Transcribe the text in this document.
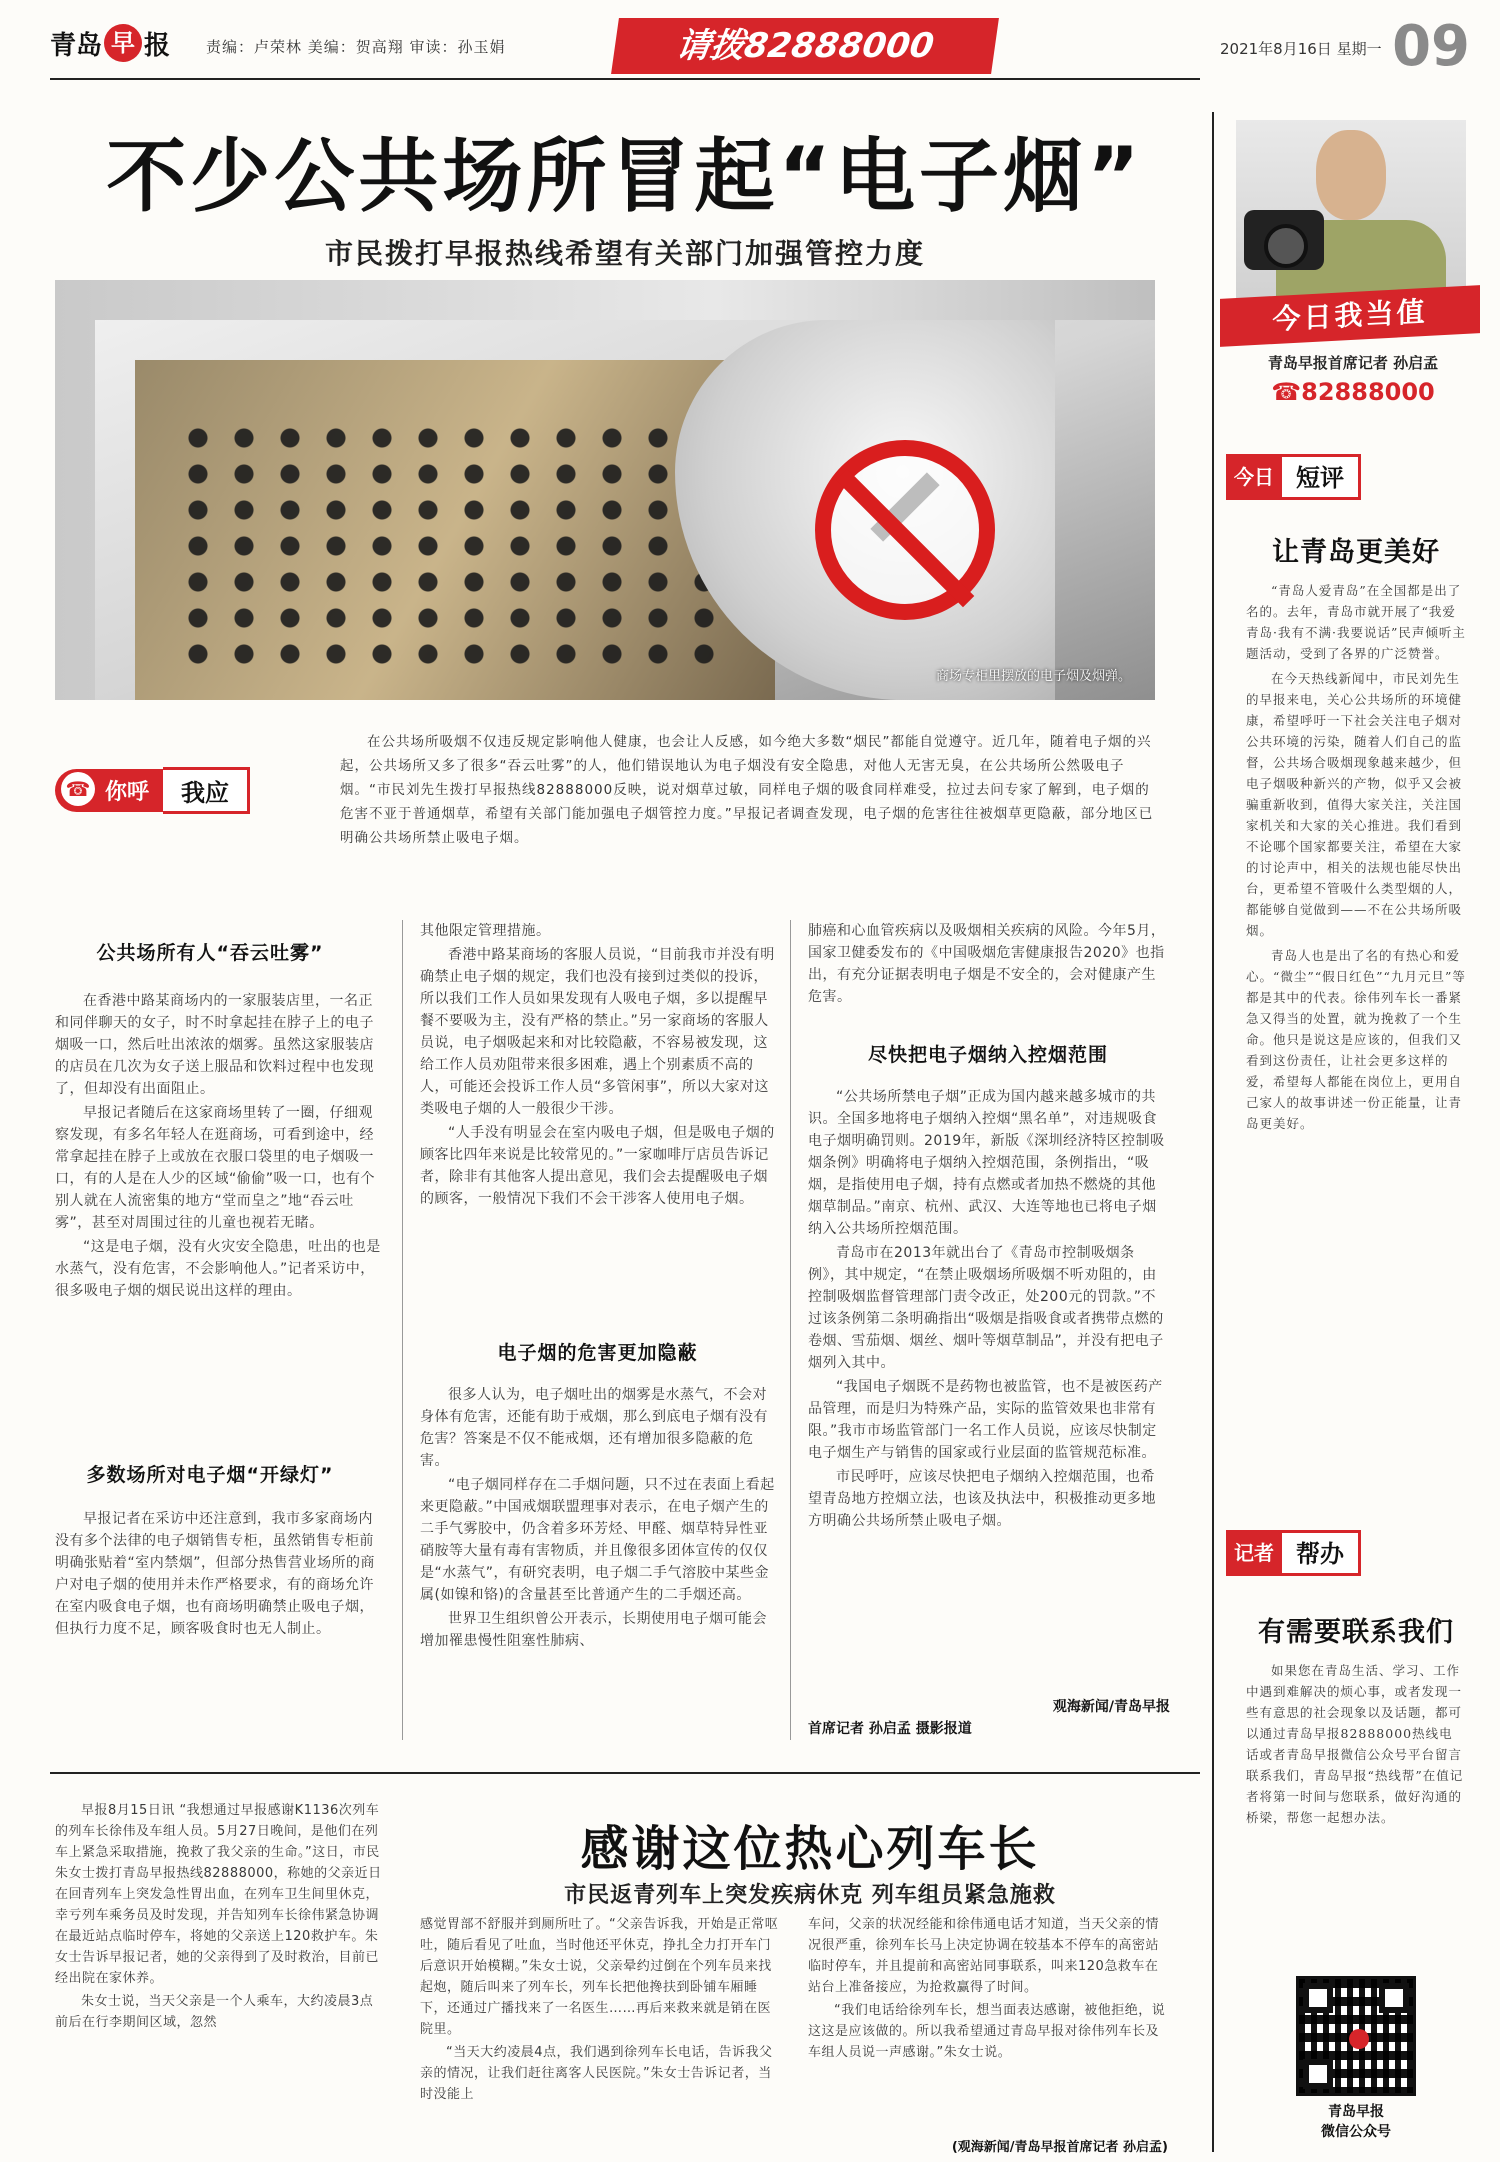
青岛 早 报 责编：卢荣林 美编：贺高翔 审读：孙玉娟	请拨82888000	2021年8月16日 星期一 09
不少公共场所冒起“电子烟”
市民拨打早报热线希望有关部门加强管控力度
商场专柜里摆放的电子烟及烟弹。
☎ 你呼	我应
在公共场所吸烟不仅违反规定影响他人健康，也会让人反感，如今绝大多数“烟民”都能自觉遵守。近几年，随着电子烟的兴起，公共场所又多了很多“吞云吐雾”的人，他们错误地认为电子烟没有安全隐患，对他人无害无臭，在公共场所公然吸电子烟。“市民刘先生拨打早报热线82888000反映，说对烟草过敏，同样电子烟的吸食同样难受，拉过去问专家了解到，电子烟的危害不亚于普通烟草，希望有关部门能加强电子烟管控力度。”早报记者调查发现，电子烟的危害往往被烟草更隐蔽，部分地区已明确公共场所禁止吸电子烟。
公共场所有人“吞云吐雾”

在香港中路某商场内的一家服装店里，一名正和同伴聊天的女子，时不时拿起挂在脖子上的电子烟吸一口，然后吐出浓浓的烟雾。虽然这家服装店的店员在几次为女子送上服品和饮料过程中也发现了，但却没有出面阻止。

早报记者随后在这家商场里转了一圈，仔细观察发现，有多名年轻人在逛商场，可看到途中，经常拿起挂在脖子上或放在衣服口袋里的电子烟吸一口，有的人是在人少的区域“偷偷”吸一口，也有个别人就在人流密集的地方“堂而皇之”地“吞云吐雾”，甚至对周围过往的儿童也视若无睹。

“这是电子烟，没有火灾安全隐患，吐出的也是水蒸气，没有危害，不会影响他人。”记者采访中，很多吸电子烟的烟民说出这样的理由。

多数场所对电子烟“开绿灯”

早报记者在采访中还注意到，我市多家商场内没有多个法律的电子烟销售专柜，虽然销售专柜前明确张贴着“室内禁烟”，但部分热售营业场所的商户对电子烟的使用并未作严格要求，有的商场允许在室内吸食电子烟，也有商场明确禁止吸电子烟，但执行力度不足，顾客吸食时也无人制止。

其他限定管理措施。

香港中路某商场的客服人员说，“目前我市并没有明确禁止电子烟的规定，我们也没有接到过类似的投诉，所以我们工作人员如果发现有人吸电子烟，多以提醒早餐不要吸为主，没有严格的禁止。”另一家商场的客服人员说，电子烟吸起来和对比较隐蔽，不容易被发现，这给工作人员劝阻带来很多困难，遇上个别素质不高的人，可能还会投诉工作人员“多管闲事”，所以大家对这类吸电子烟的人一般很少干涉。

“人手没有明显会在室内吸电子烟，但是吸电子烟的顾客比四年来说是比较常见的。”一家咖啡厅店员告诉记者，除非有其他客人提出意见，我们会去提醒吸电子烟的顾客，一般情况下我们不会干涉客人使用电子烟。

电子烟的危害更加隐蔽

很多人认为，电子烟吐出的烟雾是水蒸气，不会对身体有危害，还能有助于戒烟，那么到底电子烟有没有危害？答案是不仅不能戒烟，还有增加很多隐蔽的危害。

“电子烟同样存在二手烟问题，只不过在表面上看起来更隐蔽。”中国戒烟联盟理事对表示，在电子烟产生的二手气雾胶中，仍含着多环芳烃、甲醛、烟草特异性亚硝胺等大量有毒有害物质，并且像很多团体宣传的仅仅是“水蒸气”，有研究表明，电子烟二手气溶胶中某些金属(如镍和铬)的含量甚至比普通产生的二手烟还高。

世界卫生组织曾公开表示，长期使用电子烟可能会增加罹患慢性阻塞性肺病、

肺癌和心血管疾病以及吸烟相关疾病的风险。今年5月，国家卫健委发布的《中国吸烟危害健康报告2020》也指出，有充分证据表明电子烟是不安全的，会对健康产生危害。

尽快把电子烟纳入控烟范围

“公共场所禁电子烟”正成为国内越来越多城市的共识。全国多地将电子烟纳入控烟“黑名单”，对违规吸食电子烟明确罚则。2019年，新版《深圳经济特区控制吸烟条例》明确将电子烟纳入控烟范围，条例指出，“吸烟，是指使用电子烟，持有点燃或者加热不燃烧的其他烟草制品。”南京、杭州、武汉、大连等地也已将电子烟纳入公共场所控烟范围。

青岛市在2013年就出台了《青岛市控制吸烟条例》，其中规定，“在禁止吸烟场所吸烟不听劝阻的，由控制吸烟监督管理部门责令改正，处200元的罚款。”不过该条例第二条明确指出“吸烟是指吸食或者携带点燃的卷烟、雪茄烟、烟丝、烟叶等烟草制品”，并没有把电子烟列入其中。

“我国电子烟既不是药物也被监管，也不是被医药产品管理，而是归为特殊产品，实际的监管效果也非常有限。”我市市场监管部门一名工作人员说，应该尽快制定电子烟生产与销售的国家或行业层面的监管规范标准。

市民呼吁，应该尽快把电子烟纳入控烟范围，也希望青岛地方控烟立法，也该及执法中，积极推动更多地方明确公共场所禁止吸电子烟。

观海新闻/青岛早报
首席记者 孙启孟 摄影报道
感谢这位热心列车长
市民返青列车上突发疾病休克 列车组员紧急施救

早报8月15日讯 “我想通过早报感谢K1136次列车的列车长徐伟及车组人员。5月27日晚间，是他们在列车上紧急采取措施，挽救了我父亲的生命。”这日，市民朱女士拨打青岛早报热线82888000，称她的父亲近日在回青列车上突发急性胃出血，在列车卫生间里休克，幸亏列车乘务员及时发现，并告知列车长徐伟紧急协调在最近站点临时停车，将她的父亲送上120救护车。朱女士告诉早报记者，她的父亲得到了及时救治，目前已经出院在家休养。

朱女士说，当天父亲是一个人乘车，大约凌晨3点前后在行李期间区域，忽然

感觉胃部不舒服并到厕所吐了。“父亲告诉我，开始是正常呕吐，随后看见了吐血，当时他还平休克，挣扎全力打开车门后意识开始模糊。”朱女士说，父亲晕约过倒在个列车员来找起炮，随后叫来了列车长，列车长把他搀扶到卧铺车厢睡下，还通过广播找来了一名医生……再后来救来就是销在医院里。

“当天大约凌晨4点，我们遇到徐列车长电话，告诉我父亲的情况，让我们赶往离客人民医院。”朱女士告诉记者，当时没能上

车问，父亲的状况经能和徐伟通电话才知道，当天父亲的情况很严重，徐列车长马上决定协调在较基本不停车的高密站临时停车，并且提前和高密站同事联系，叫来120急救车在站台上准备接应，为抢救赢得了时间。

“我们电话给徐列车长，想当面表达感谢，被他拒绝，说这这是应该做的。所以我希望通过青岛早报对徐伟列车长及车组人员说一声感谢。”朱女士说。

(观海新闻/青岛早报首席记者 孙启孟)
今日我当值
青岛早报首席记者 孙启孟
☎82888000
今日 短评
让青岛更美好

“青岛人爱青岛”在全国都是出了名的。去年，青岛市就开展了“我爱青岛·我有不满·我要说话”民声倾听主题活动，受到了各界的广泛赞誉。

在今天热线新闻中，市民刘先生的早报来电，关心公共场所的环境健康，希望呼吁一下社会关注电子烟对公共环境的污染，随着人们自己的监督，公共场合吸烟现象越来越少，但电子烟吸种新兴的产物，似乎又会被骗重新收到，值得大家关注，关注国家机关和大家的关心推进。我们看到不论哪个国家都要关注，希望在大家的讨论声中，相关的法规也能尽快出台，更希望不管吸什么类型烟的人，都能够自觉做到——不在公共场所吸烟。

青岛人也是出了名的有热心和爱心。“微尘”“假日红色”“九月元旦”等都是其中的代表。徐伟列车长一番紧急又得当的处置，就为挽救了一个生命。他只是说这是应该的，但我们又看到这份责任，让社会更多这样的爱，希望每人都能在岗位上，更用自己家人的故事讲述一份正能量，让青岛更美好。

记者 帮办
有需要联系我们

如果您在青岛生活、学习、工作中遇到难解决的烦心事，或者发现一些有意思的社会现象以及话题，都可以通过青岛早报82888000热线电话或者青岛早报微信公众号平台留言联系我们，青岛早报“热线帮”在值记者将第一时间与您联系，做好沟通的桥梁，帮您一起想办法。

青岛早报
微信公众号
